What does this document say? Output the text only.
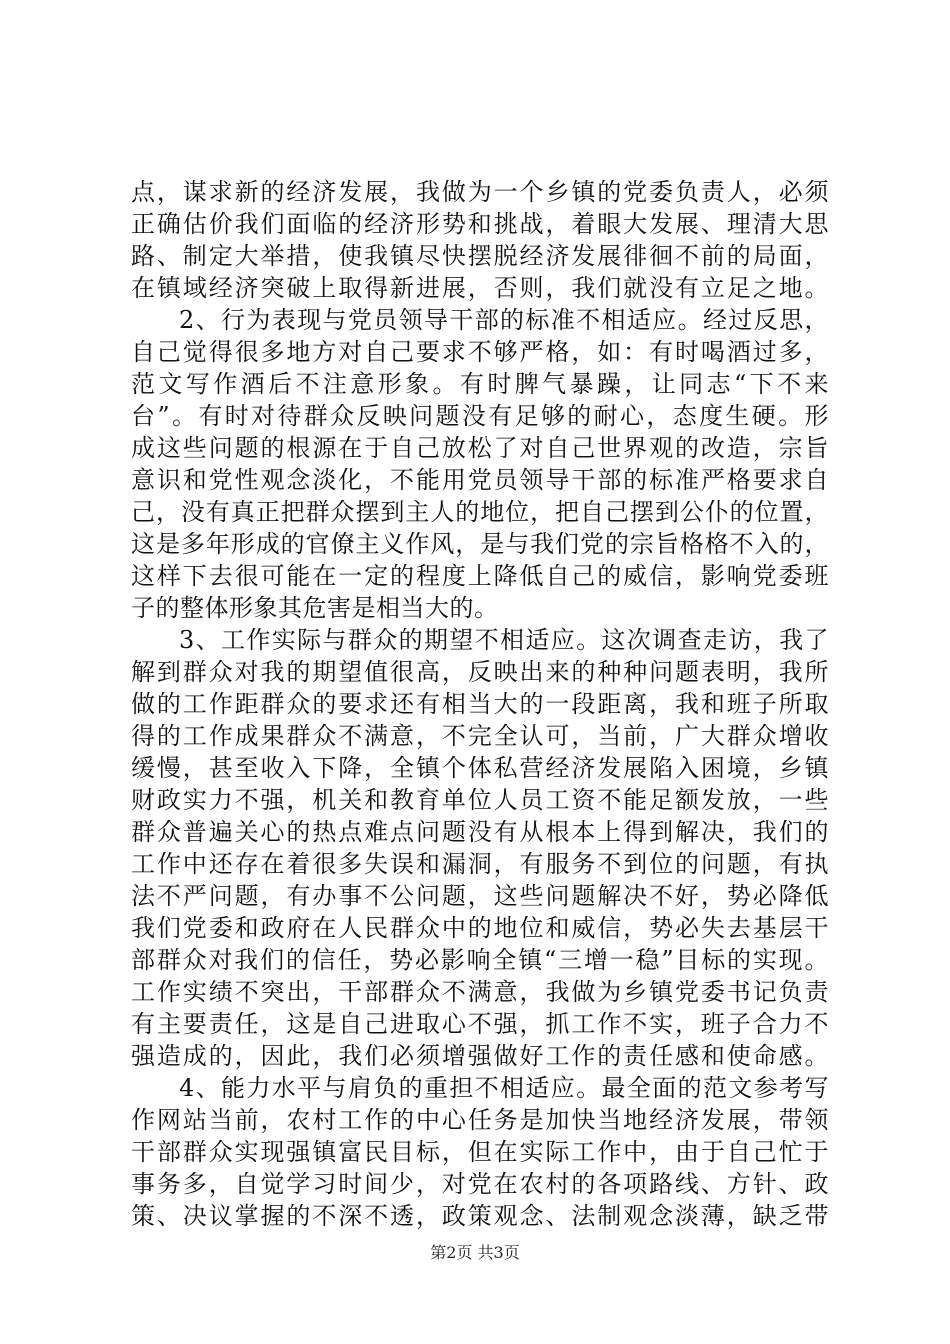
点，谋求新的经济发展，我做为一个乡镇的党委负责人，必须
正确估价我们面临的经济形势和挑战，着眼大发展、理清大思
路、制定大举措，使我镇尽快摆脱经济发展徘徊不前的局面，
在镇域经济突破上取得新进展，否则，我们就没有立足之地。
2、行为表现与党员领导干部的标准不相适应。经过反思，
自己觉得很多地方对自己要求不够严格，如：有时喝酒过多，
范文写作酒后不注意形象。有时脾气暴躁，让同志“下不来
台”。有时对待群众反映问题没有足够的耐心，态度生硬。形
成这些问题的根源在于自己放松了对自己世界观的改造，宗旨
意识和党性观念淡化，不能用党员领导干部的标准严格要求自
己，没有真正把群众摆到主人的地位，把自己摆到公仆的位置，
这是多年形成的官僚主义作风，是与我们党的宗旨格格不入的，
这样下去很可能在一定的程度上降低自己的威信，影响党委班
子的整体形象其危害是相当大的。
3、工作实际与群众的期望不相适应。这次调查走访，我了
解到群众对我的期望值很高，反映出来的种种问题表明，我所
做的工作距群众的要求还有相当大的一段距离，我和班子所取
得的工作成果群众不满意，不完全认可，当前，广大群众增收
缓慢，甚至收入下降，全镇个体私营经济发展陷入困境，乡镇
财政实力不强，机关和教育单位人员工资不能足额发放，一些
群众普遍关心的热点难点问题没有从根本上得到解决，我们的
工作中还存在着很多失误和漏洞，有服务不到位的问题，有执
法不严问题，有办事不公问题，这些问题解决不好，势必降低
我们党委和政府在人民群众中的地位和威信，势必失去基层干
部群众对我们的信任，势必影响全镇“三增一稳”目标的实现。
工作实绩不突出，干部群众不满意，我做为乡镇党委书记负责
有主要责任，这是自己进取心不强，抓工作不实，班子合力不
强造成的，因此，我们必须增强做好工作的责任感和使命感。
4、能力水平与肩负的重担不相适应。最全面的范文参考写
作网站当前，农村工作的中心任务是加快当地经济发展，带领
干部群众实现强镇富民目标，但在实际工作中，由于自己忙于
事务多，自觉学习时间少，对党在农村的各项路线、方针、政
策、决议掌握的不深不透，政策观念、法制观念淡薄，缺乏带
第2页 共3页
